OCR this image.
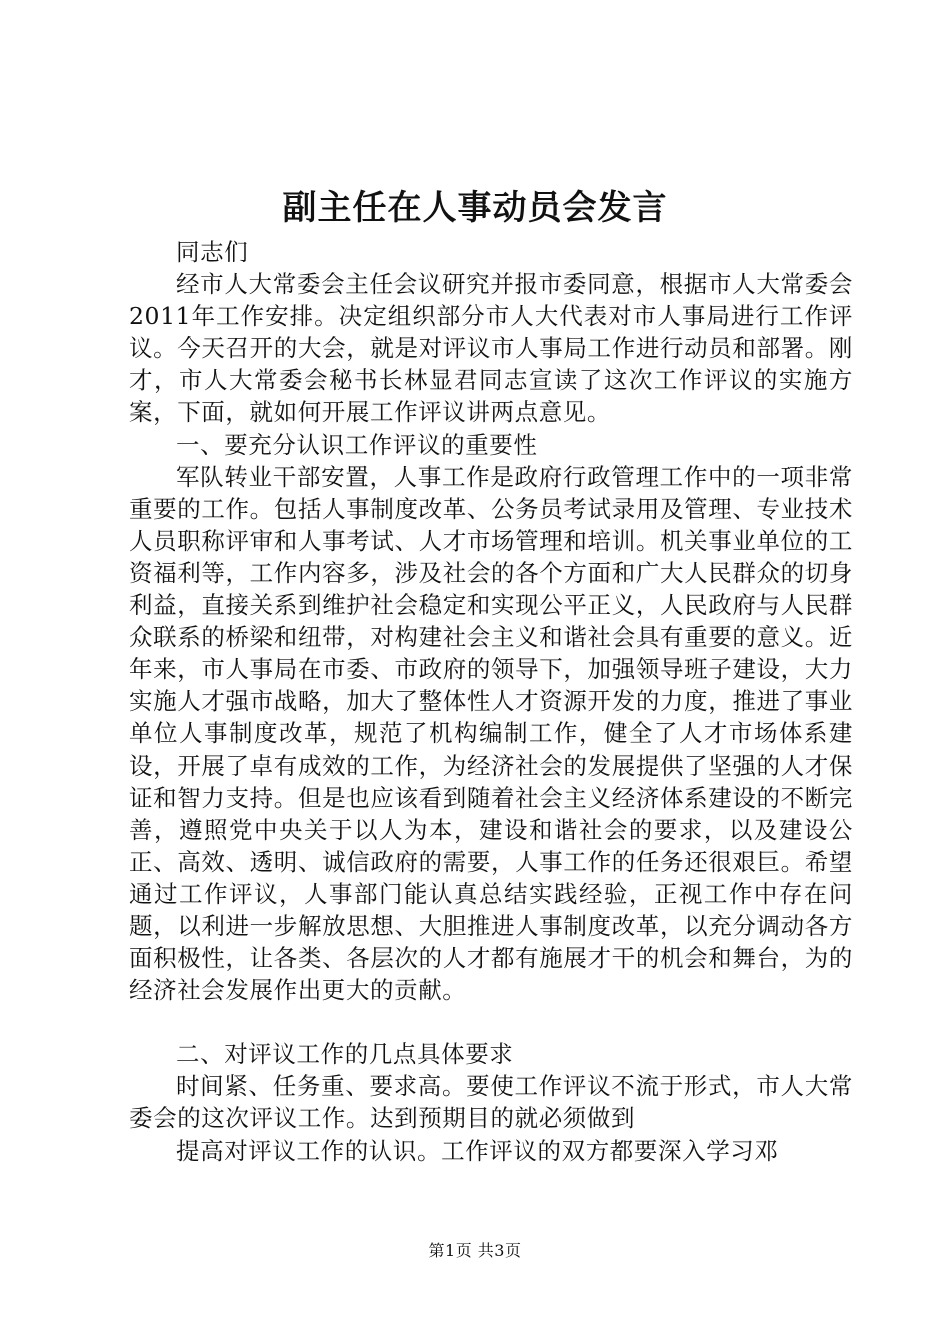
副主任在人事动员会发言

同志们

经市人大常委会主任会议研究并报市委同意，根据市人大常委会2011年工作安排。决定组织部分市人大代表对市人事局进行工作评议。今天召开的大会，就是对评议市人事局工作进行动员和部署。刚才，市人大常委会秘书长林显君同志宣读了这次工作评议的实施方案，下面，就如何开展工作评议讲两点意见。

一、要充分认识工作评议的重要性

军队转业干部安置，人事工作是政府行政管理工作中的一项非常重要的工作。包括人事制度改革、公务员考试录用及管理、专业技术人员职称评审和人事考试、人才市场管理和培训。机关事业单位的工资福利等，工作内容多，涉及社会的各个方面和广大人民群众的切身利益，直接关系到维护社会稳定和实现公平正义，人民政府与人民群众联系的桥梁和纽带，对构建社会主义和谐社会具有重要的意义。近年来，市人事局在市委、市政府的领导下，加强领导班子建设，大力实施人才强市战略，加大了整体性人才资源开发的力度，推进了事业单位人事制度改革，规范了机构编制工作，健全了人才市场体系建设，开展了卓有成效的工作，为经济社会的发展提供了坚强的人才保证和智力支持。但是也应该看到随着社会主义经济体系建设的不断完善，遵照党中央关于以人为本，建设和谐社会的要求，以及建设公正、高效、透明、诚信政府的需要，人事工作的任务还很艰巨。希望通过工作评议，人事部门能认真总结实践经验，正视工作中存在问题，以利进一步解放思想、大胆推进人事制度改革，以充分调动各方面积极性，让各类、各层次的人才都有施展才干的机会和舞台，为的经济社会发展作出更大的贡献。

二、对评议工作的几点具体要求

时间紧、任务重、要求高。要使工作评议不流于形式，市人大常委会的这次评议工作。达到预期目的就必须做到

提高对评议工作的认识。工作评议的双方都要深入学习邓

第1页 共3页
